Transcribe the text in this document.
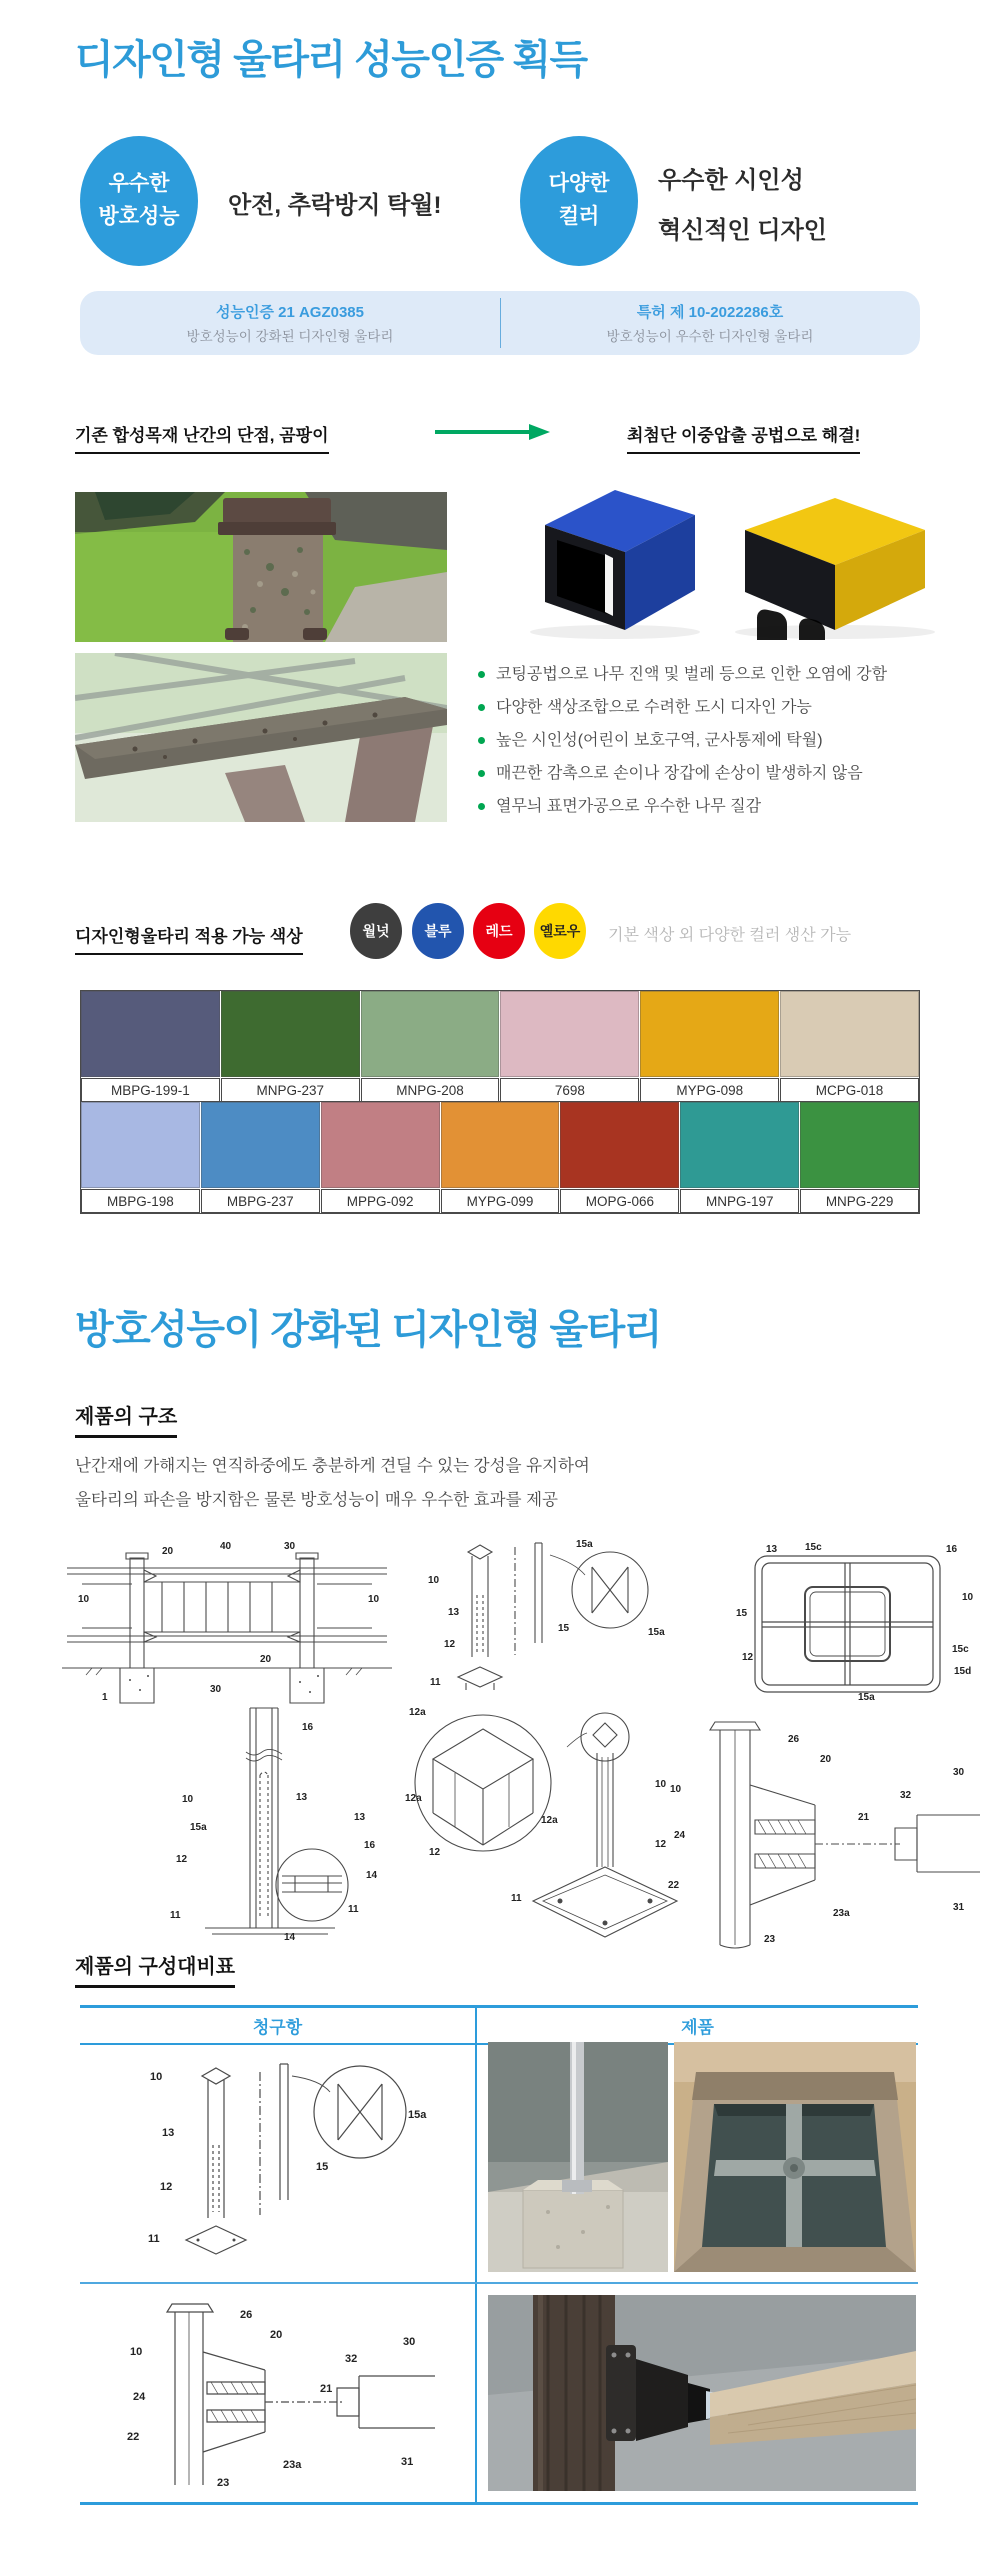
디자인형 울타리 성능인증 획득
우수한
방호성능 안전, 추락방지 탁월!
다양한
컬러
우수한 시인성
혁신적인 디자인
성능인증 21 AGZ0385
방호성능이 강화된 디자인형 울타리
특허 제 10-2022286호
방호성능이 우수한 디자인형 울타리
기존 합성목재 난간의 단점, 곰팡이	최첨단 이중압출 공법으로 해결!
코팅공법으로 나무 진액 및 벌레 등으로 인한 오염에 강함
다양한 색상조합으로 수려한 도시 디자인 가능
높은 시인성(어린이 보호구역, 군사통제에 탁월)
매끈한 감촉으로 손이나 장갑에 손상이 발생하지 않음
열무늬 표면가공으로 우수한 나무 질감
디자인형울타리 적용 가능 색상	월넛	블루	레드	옐로우	기본 색상 외 다양한 컬러 생산 가능
MBPG-199-1	MNPG-237	MNPG-208	7698	MYPG-098	MCPG-018
MBPG-198	MBPG-237	MPPG-092	MYPG-099	MOPG-066	MNPG-197	MNPG-229
방호성능이 강화된 디자인형 울타리
제품의 구조
난간재에 가해지는 연직하중에도 충분하게 견딜 수 있는 강성을 유지하여
울타리의 파손을 방지함은 물론 방호성능이 매우 우수한 효과를 제공
20	40	30
10	10
20
30
1
10
13
12
11
15
15a
15a
13	15c	16
15
10
12
15c
15d
15a
16
10	13
15a
12
11
13
16
14
11
14
12a
12a
12a
12
10
12
11
10
26
20
24
21
22
32
30
23a
23
31
제품의 구성대비표
청구항	제품
10
13
12
11
15
15a
10
26
20
24
21
22
32
30
23a
23
31
